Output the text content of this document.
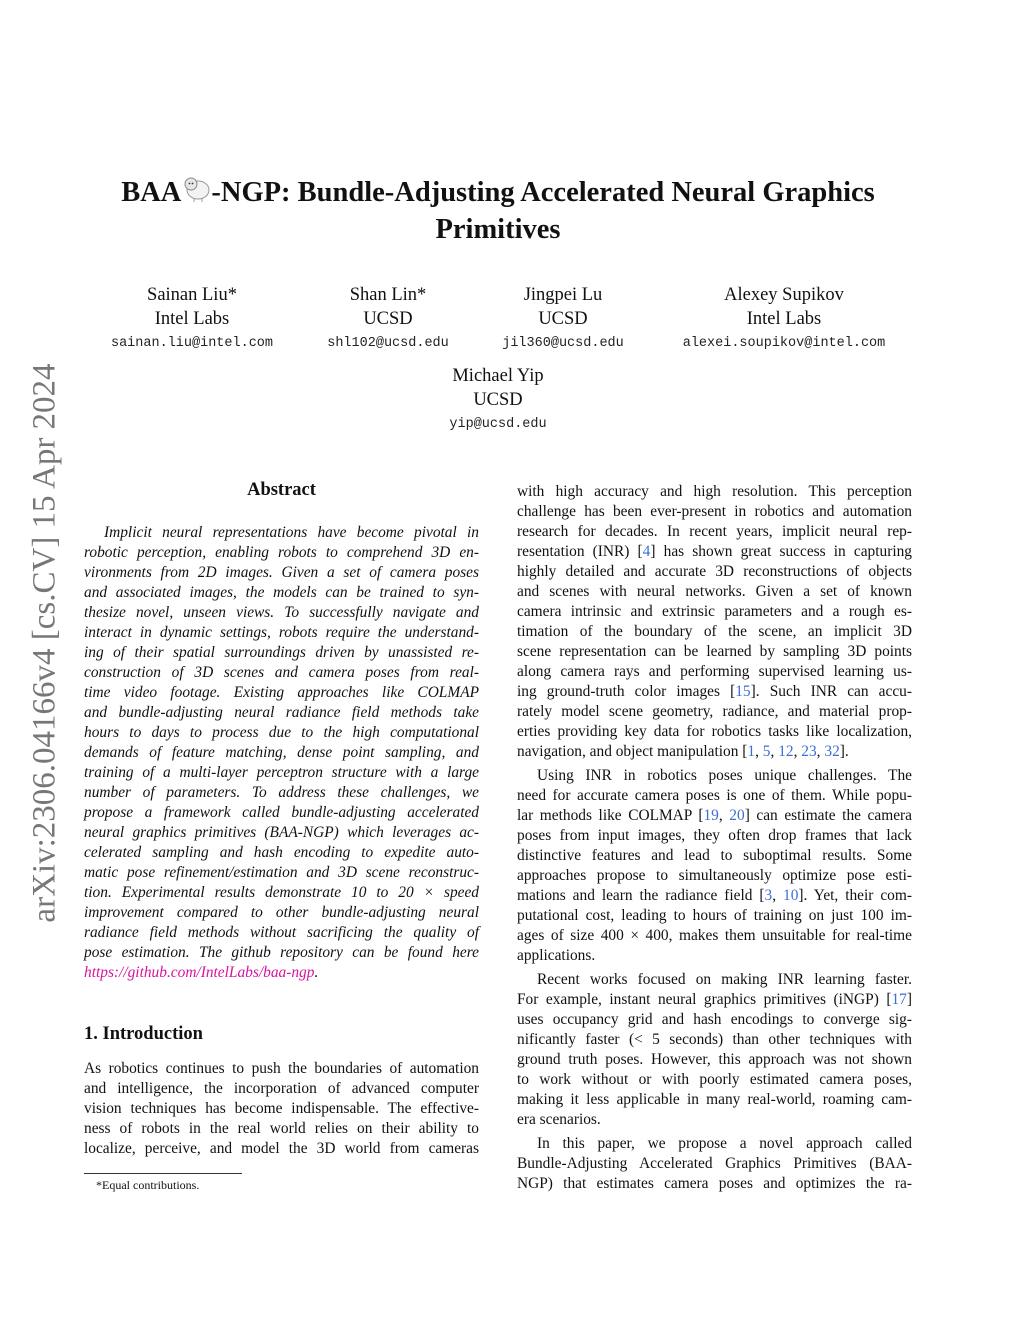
arXiv:2306.04166v4 [cs.CV] 15 Apr 2024
BAA -NGP: Bundle-Adjusting Accelerated Neural Graphics
Primitives
Sainan Liu*
Intel Labs
sainan.liu@intel.com
Shan Lin*
UCSD
shl102@ucsd.edu
Jingpei Lu
UCSD
jil360@ucsd.edu
Alexey Supikov
Intel Labs
alexei.soupikov@intel.com
Michael Yip
UCSD
yip@ucsd.edu
Abstract
Implicit neural representations have become pivotal in
robotic perception, enabling robots to comprehend 3D en-
vironments from 2D images. Given a set of camera poses
and associated images, the models can be trained to syn-
thesize novel, unseen views. To successfully navigate and
interact in dynamic settings, robots require the understand-
ing of their spatial surroundings driven by unassisted re-
construction of 3D scenes and camera poses from real-
time video footage. Existing approaches like COLMAP
and bundle-adjusting neural radiance field methods take
hours to days to process due to the high computational
demands of feature matching, dense point sampling, and
training of a multi-layer perceptron structure with a large
number of parameters. To address these challenges, we
propose a framework called bundle-adjusting accelerated
neural graphics primitives (BAA-NGP) which leverages ac-
celerated sampling and hash encoding to expedite auto-
matic pose refinement/estimation and 3D scene reconstruc-
tion. Experimental results demonstrate 10 to 20 × speed
improvement compared to other bundle-adjusting neural
radiance field methods without sacrificing the quality of
pose estimation. The github repository can be found here
https://github.com/IntelLabs/baa-ngp.
1. Introduction
As robotics continues to push the boundaries of automation
and intelligence, the incorporation of advanced computer
vision techniques has become indispensable. The effective-
ness of robots in the real world relies on their ability to
localize, perceive, and model the 3D world from cameras
*Equal contributions.
with high accuracy and high resolution. This perception
challenge has been ever-present in robotics and automation
research for decades. In recent years, implicit neural rep-
resentation (INR) [4] has shown great success in capturing
highly detailed and accurate 3D reconstructions of objects
and scenes with neural networks. Given a set of known
camera intrinsic and extrinsic parameters and a rough es-
timation of the boundary of the scene, an implicit 3D
scene representation can be learned by sampling 3D points
along camera rays and performing supervised learning us-
ing ground-truth color images [15]. Such INR can accu-
rately model scene geometry, radiance, and material prop-
erties providing key data for robotics tasks like localization,
navigation, and object manipulation [1, 5, 12, 23, 32].
Using INR in robotics poses unique challenges. The
need for accurate camera poses is one of them. While popu-
lar methods like COLMAP [19, 20] can estimate the camera
poses from input images, they often drop frames that lack
distinctive features and lead to suboptimal results. Some
approaches propose to simultaneously optimize pose esti-
mations and learn the radiance field [3, 10]. Yet, their com-
putational cost, leading to hours of training on just 100 im-
ages of size 400 × 400, makes them unsuitable for real-time
applications.
Recent works focused on making INR learning faster.
For example, instant neural graphics primitives (iNGP) [17]
uses occupancy grid and hash encodings to converge sig-
nificantly faster (< 5 seconds) than other techniques with
ground truth poses. However, this approach was not shown
to work without or with poorly estimated camera poses,
making it less applicable in many real-world, roaming cam-
era scenarios.
In this paper, we propose a novel approach called
Bundle-Adjusting Accelerated Graphics Primitives (BAA-
NGP) that estimates camera poses and optimizes the ra-
